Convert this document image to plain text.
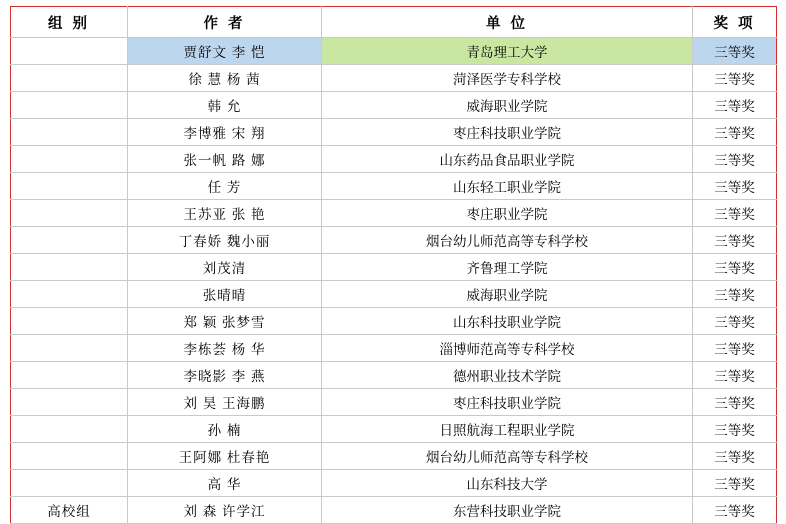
组 别	作 者	单 位	奖 项
	贾舒文 李 恺	青岛理工大学	三等奖
	徐 慧 杨 茜	菏泽医学专科学校	三等奖
	韩 允	威海职业学院	三等奖
	李博雅 宋 翔	枣庄科技职业学院	三等奖
	张一帆 路 娜	山东药品食品职业学院	三等奖
	任 芳	山东轻工职业学院	三等奖
	王苏亚 张 艳	枣庄职业学院	三等奖
	丁春娇 魏小丽	烟台幼儿师范高等专科学校	三等奖
	刘茂清	齐鲁理工学院	三等奖
	张晴晴	威海职业学院	三等奖
	郑 颖 张梦雪	山东科技职业学院	三等奖
	李栋荟 杨 华	淄博师范高等专科学校	三等奖
	李晓影 李 燕	德州职业技术学院	三等奖
	刘 昊 王海鹏	枣庄科技职业学院	三等奖
	孙 楠	日照航海工程职业学院	三等奖
	王阿娜 杜春艳	烟台幼儿师范高等专科学校	三等奖
	高 华	山东科技大学	三等奖
高校组	刘 森 许学江	东营科技职业学院	三等奖
